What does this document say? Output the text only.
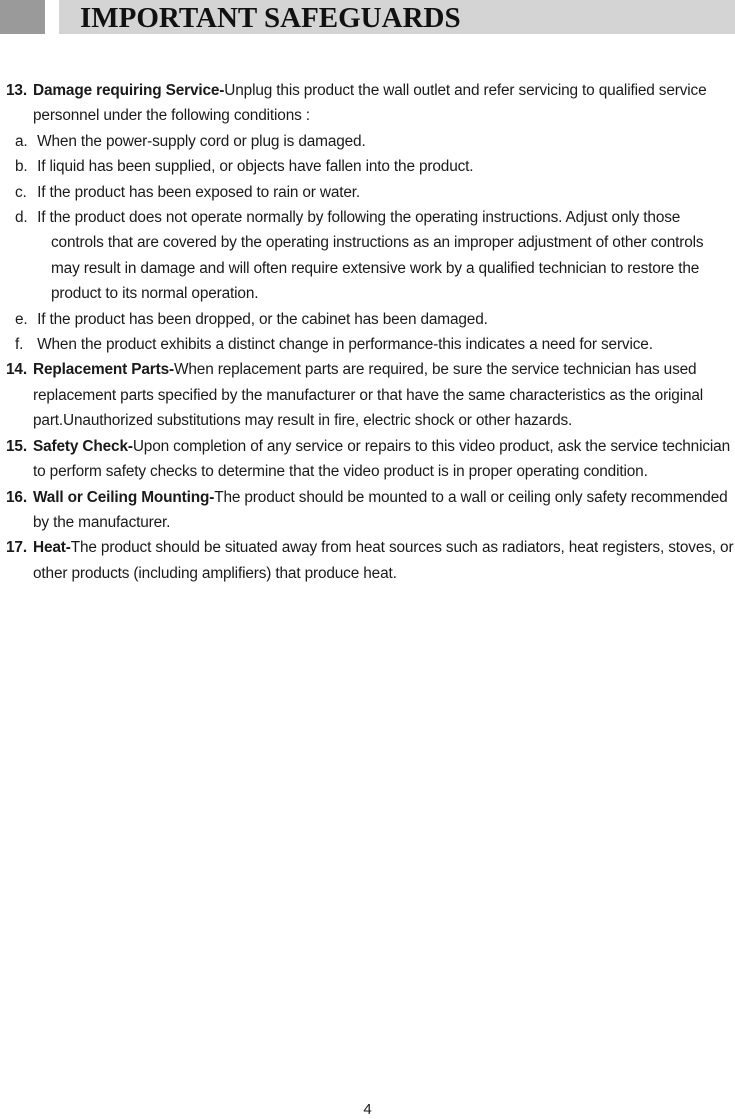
IMPORTANT SAFEGUARDS
13. Damage requiring Service-Unplug this product the wall outlet and refer servicing to qualified service personnel under the following conditions :
a. When the power-supply cord or plug is damaged.
b. If liquid has been supplied, or objects have fallen into the product.
c. If the product has been exposed to rain or water.
d. If the product does not operate normally by following the operating instructions. Adjust only those controls that are covered by the operating instructions as an improper adjustment of other controls may result in damage and will often require extensive work by a qualified technician to restore the product to its normal operation.
e. If the product has been dropped, or the cabinet has been damaged.
f. When the product exhibits a distinct change in performance-this indicates a need for service.
14. Replacement Parts-When replacement parts are required, be sure the service technician has used replacement parts specified by the manufacturer or that have the same characteristics as the original part.Unauthorized substitutions may result in fire, electric shock or other hazards.
15. Safety Check-Upon completion of any service or repairs to this video product, ask the service technician to perform safety checks to determine that the video product is in proper operating condition.
16. Wall or Ceiling Mounting-The product should be mounted to a wall or ceiling only safety recommended by the manufacturer.
17. Heat-The product should be situated away from heat sources such as radiators, heat registers, stoves, or other products (including amplifiers) that produce heat.
4
